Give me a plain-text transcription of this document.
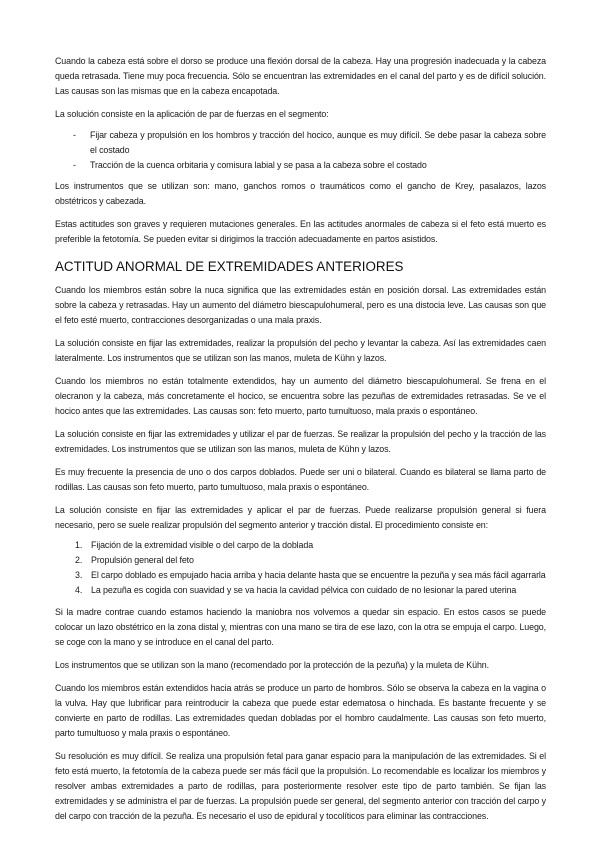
Cuando la cabeza está sobre el dorso se produce una flexión dorsal de la cabeza. Hay una progresión inadecuada y la cabeza queda retrasada. Tiene muy poca frecuencia. Sólo se encuentran las extremidades en el canal del parto y es de difícil solución. Las causas son las mismas que en la cabeza encapotada.

La solución consiste en la aplicación de par de fuerzas en el segmento:

-	Fijar cabeza y propulsión en los hombros y tracción del hocico, aunque es muy difícil. Se debe pasar la cabeza sobre el costado
-	Tracción de la cuenca orbitaria y comisura labial y se pasa a la cabeza sobre el costado

Los instrumentos que se utilizan son: mano, ganchos romos o traumáticos como el gancho de Krey, pasalazos, lazos obstétricos y cabezada.

Estas actitudes son graves y requieren mutaciones generales. En las actitudes anormales de cabeza si el feto está muerto es preferible la fetotomía. Se pueden evitar si dirigimos la tracción adecuadamente en partos asistidos.

ACTITUD ANORMAL DE EXTREMIDADES ANTERIORES

Cuando los miembros están sobre la nuca significa que las extremidades están en posición dorsal. Las extremidades están sobre la cabeza y retrasadas. Hay un aumento del diámetro biescapulohumeral, pero es una distocia leve. Las causas son que el feto esté muerto, contracciones desorganizadas o una mala praxis.

La solución consiste en fijar las extremidades, realizar la propulsión del pecho y levantar la cabeza. Así las extremidades caen lateralmente. Los instrumentos que se utilizan son las manos, muleta de Kühn y lazos.

Cuando los miembros no están totalmente extendidos, hay un aumento del diámetro biescapulohumeral. Se frena en el olecranon y la cabeza, más concretamente el hocico, se encuentra sobre las pezuñas de extremidades retrasadas. Se ve el hocico antes que las extremidades. Las causas son: feto muerto, parto tumultuoso, mala praxis o espontáneo.

La solución consiste en fijar las extremidades y utilizar el par de fuerzas. Se realizar la propulsión del pecho y la tracción de las extremidades. Los instrumentos que se utilizan son las manos, muleta de Kühn y lazos.

Es muy frecuente la presencia de uno o dos carpos doblados. Puede ser uni o bilateral. Cuando es bilateral se llama parto de rodillas. Las causas son feto muerto, parto tumultuoso, mala praxis o espontáneo.

La solución consiste en fijar las extremidades y aplicar el par de fuerzas. Puede realizarse propulsión general si fuera necesario, pero se suele realizar propulsión del segmento anterior y tracción distal. El procedimiento consiste en:

1. Fijación de la extremidad visible o del carpo de la doblada
2. Propulsión general del feto
3. El carpo doblado es empujado hacia arriba y hacia delante hasta que se encuentre la pezuña y sea más fácil agarrarla
4. La pezuña es cogida con suavidad y se va hacia la cavidad pélvica con cuidado de no lesionar la pared uterina

Si la madre contrae cuando estamos haciendo la maniobra nos volvemos a quedar sin espacio. En estos casos se puede colocar un lazo obstétrico en la zona distal y, mientras con una mano se tira de ese lazo, con la otra se empuja el carpo. Luego, se coge con la mano y se introduce en el canal del parto.

Los instrumentos que se utilizan son la mano (recomendado por la protección de la pezuña) y la muleta de Kühn.

Cuando los miembros están extendidos hacia atrás se produce un parto de hombros. Sólo se observa la cabeza en la vagina o la vulva. Hay que lubrificar para reintroducir la cabeza que puede estar edematosa o hinchada. Es bastante frecuente y se convierte en parto de rodillas. Las extremidades quedan dobladas por el hombro caudalmente. Las causas son feto muerto, parto tumultuoso y mala praxis o espontáneo.

Su resolución es muy difícil. Se realiza una propulsión fetal para ganar espacio para la manipulación de las extremidades. Si el feto está muerto, la fetotomía de la cabeza puede ser más fácil que la propulsión. Lo recomendable es localizar los miembros y resolver ambas extremidades a parto de rodillas, para posteriormente resolver este tipo de parto también. Se fijan las extremidades y se administra el par de fuerzas. La propulsión puede ser general, del segmento anterior con tracción del carpo y del carpo con tracción de la pezuña. Es necesario el uso de epidural y tocolíticos para eliminar las contracciones.
